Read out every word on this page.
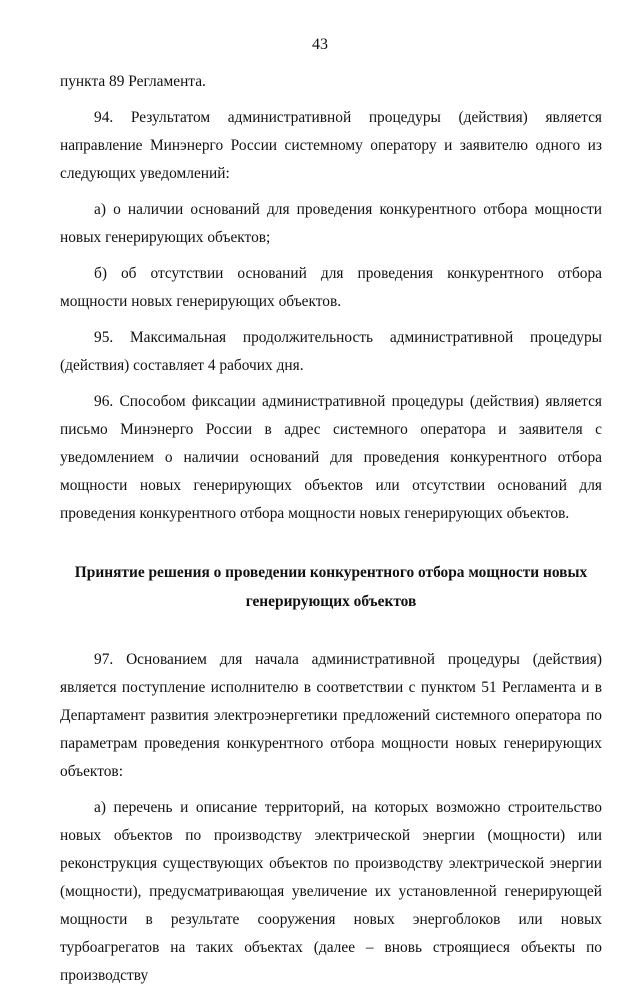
43

пункта 89 Регламента.

94. Результатом административной процедуры (действия) является направление Минэнерго России системному оператору и заявителю одного из следующих уведомлений:

а) о наличии оснований для проведения конкурентного отбора мощности новых генерирующих объектов;

б) об отсутствии оснований для проведения конкурентного отбора мощности новых генерирующих объектов.

95. Максимальная продолжительность административной процедуры (действия) составляет 4 рабочих дня.

96. Способом фиксации административной процедуры (действия) является письмо Минэнерго России в адрес системного оператора и заявителя с уведомлением о наличии оснований для проведения конкурентного отбора мощности новых генерирующих объектов или отсутствии оснований для проведения конкурентного отбора мощности новых генерирующих объектов.

Принятие решения о проведении конкурентного отбора мощности новых генерирующих объектов

97. Основанием для начала административной процедуры (действия) является поступление исполнителю в соответствии с пунктом 51 Регламента и в Департамент развития электроэнергетики предложений системного оператора по параметрам проведения конкурентного отбора мощности новых генерирующих объектов:

а) перечень и описание территорий, на которых возможно строительство новых объектов по производству электрической энергии (мощности) или реконструкция существующих объектов по производству электрической энергии (мощности), предусматривающая увеличение их установленной генерирующей мощности в результате сооружения новых энергоблоков или новых турбоагрегатов на таких объектах (далее – вновь строящиеся объекты по производству
